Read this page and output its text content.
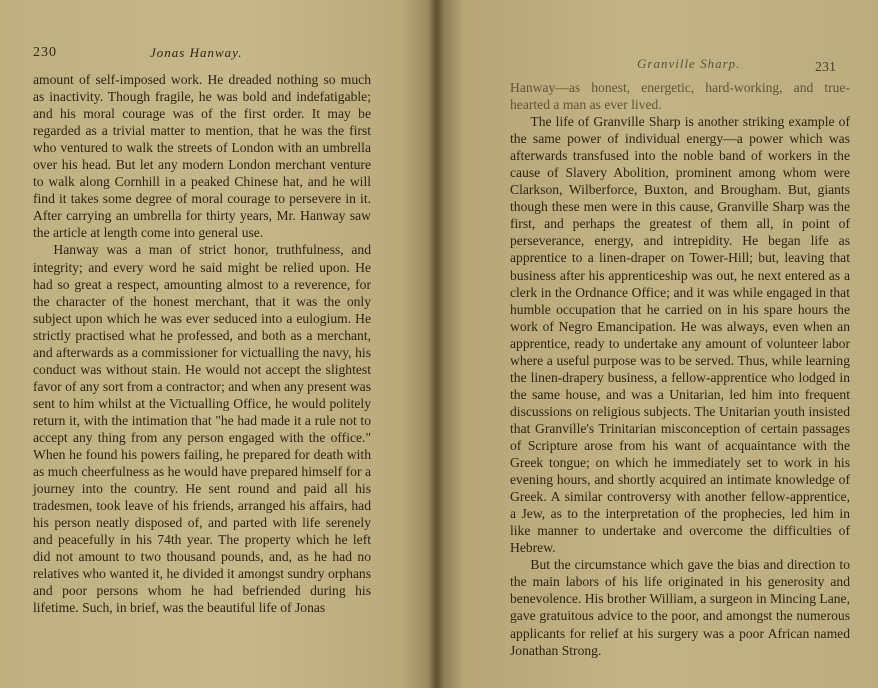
230	Jonas Hanway.

amount of self-imposed work. He dreaded nothing so much as inactivity. Though fragile, he was bold and indefatigable; and his moral courage was of the first order. It may be regarded as a trivial matter to mention, that he was the first who ventured to walk the streets of London with an umbrella over his head. But let any modern London merchant venture to walk along Cornhill in a peaked Chinese hat, and he will find it takes some degree of moral courage to persevere in it. After carrying an umbrella for thirty years, Mr. Hanway saw the article at length come into general use.

Hanway was a man of strict honor, truthfulness, and integrity; and every word he said might be relied upon. He had so great a respect, amounting almost to a reverence, for the character of the honest merchant, that it was the only subject upon which he was ever seduced into a eulogium. He strictly practised what he professed, and both as a merchant, and afterwards as a commissioner for victualling the navy, his conduct was without stain. He would not accept the slightest favor of any sort from a contractor; and when any present was sent to him whilst at the Victualling Office, he would politely return it, with the intimation that "he had made it a rule not to accept any thing from any person engaged with the office." When he found his powers failing, he prepared for death with as much cheerfulness as he would have prepared himself for a journey into the country. He sent round and paid all his tradesmen, took leave of his friends, arranged his affairs, had his person neatly disposed of, and parted with life serenely and peacefully in his 74th year. The property which he left did not amount to two thousand pounds, and, as he had no relatives who wanted it, he divided it amongst sundry orphans and poor persons whom he had befriended during his lifetime. Such, in brief, was the beautiful life of Jonas

Granville Sharp.	231

Hanway—as honest, energetic, hard-working, and true-hearted a man as ever lived.

The life of Granville Sharp is another striking example of the same power of individual energy—a power which was afterwards transfused into the noble band of workers in the cause of Slavery Abolition, prominent among whom were Clarkson, Wilberforce, Buxton, and Brougham. But, giants though these men were in this cause, Granville Sharp was the first, and perhaps the greatest of them all, in point of perseverance, energy, and intrepidity. He began life as apprentice to a linen-draper on Tower-Hill; but, leaving that business after his apprenticeship was out, he next entered as a clerk in the Ordnance Office; and it was while engaged in that humble occupation that he carried on in his spare hours the work of Negro Emancipation. He was always, even when an apprentice, ready to undertake any amount of volunteer labor where a useful purpose was to be served. Thus, while learning the linen-drapery business, a fellow-apprentice who lodged in the same house, and was a Unitarian, led him into frequent discussions on religious subjects. The Unitarian youth insisted that Granville's Trinitarian misconception of certain passages of Scripture arose from his want of acquaintance with the Greek tongue; on which he immediately set to work in his evening hours, and shortly acquired an intimate knowledge of Greek. A similar controversy with another fellow-apprentice, a Jew, as to the interpretation of the prophecies, led him in like manner to undertake and overcome the difficulties of Hebrew.

But the circumstance which gave the bias and direction to the main labors of his life originated in his generosity and benevolence. His brother William, a surgeon in Mincing Lane, gave gratuitous advice to the poor, and amongst the numerous applicants for relief at his surgery was a poor African named Jonathan Strong.
